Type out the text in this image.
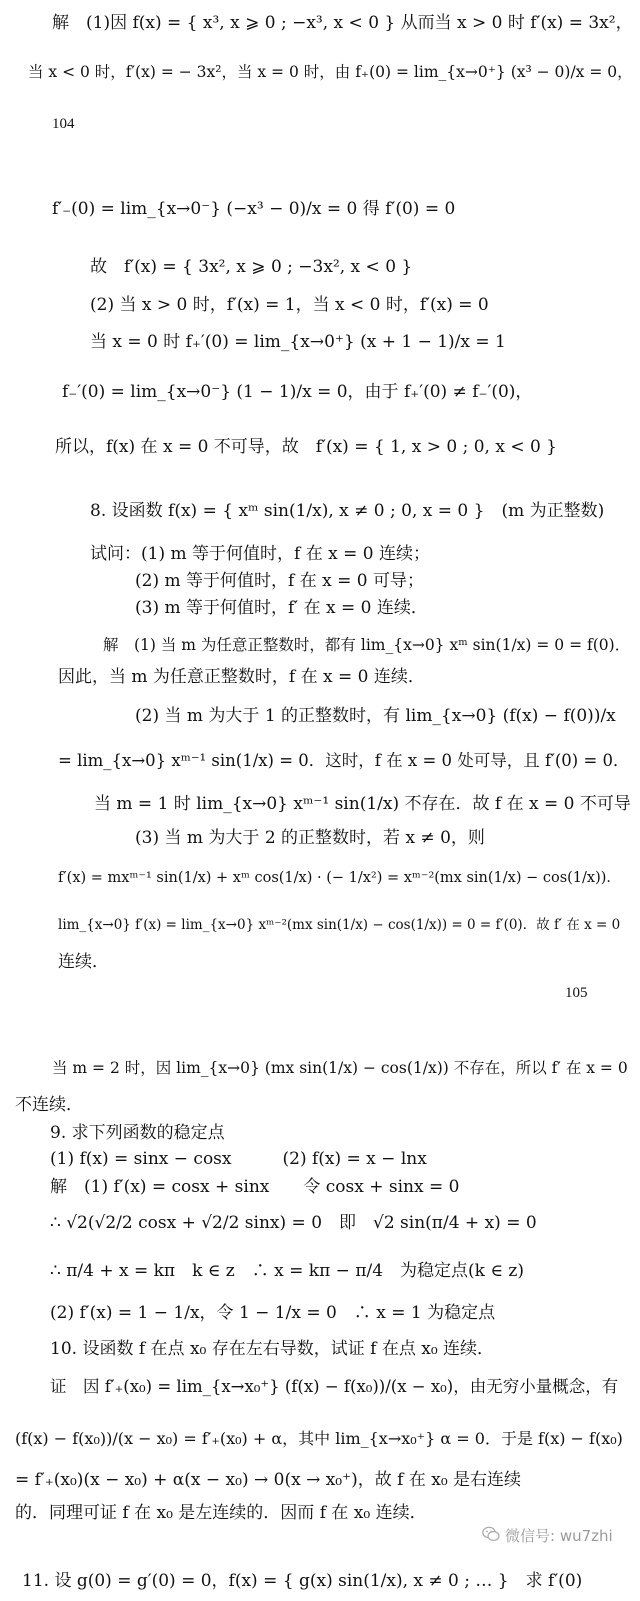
解　(1)因 f(x) = { x³, x ⩾ 0 ; −x³, x < 0 } 从而当 x > 0 时 f′(x) = 3x²，
当 x < 0 时，f′(x) = − 3x²，当 x = 0 时，由 f₊(0) = lim_{x→0⁺} (x³ − 0)/x = 0，
104
f′₋(0) = lim_{x→0⁻} (−x³ − 0)/x = 0 得 f′(0) = 0
故　f′(x) = { 3x², x ⩾ 0 ; −3x², x < 0 }
(2) 当 x > 0 时，f′(x) = 1，当 x < 0 时，f′(x) = 0
当 x = 0 时 f₊′(0) = lim_{x→0⁺} (x + 1 − 1)/x = 1
f₋′(0) = lim_{x→0⁻} (1 − 1)/x = 0，由于 f₊′(0) ≠ f₋′(0)，
所以，f(x) 在 x = 0 不可导，故　f′(x) = { 1, x > 0 ; 0, x < 0 }
8. 设函数 f(x) = { xᵐ sin(1/x), x ≠ 0 ; 0, x = 0 }　(m 为正整数)
试问：(1) m 等于何值时，f 在 x = 0 连续；
(2) m 等于何值时，f 在 x = 0 可导；
(3) m 等于何值时，f′ 在 x = 0 连续．
解　(1) 当 m 为任意正整数时，都有 lim_{x→0} xᵐ sin(1/x) = 0 = f(0)．
因此，当 m 为任意正整数时，f 在 x = 0 连续．
(2) 当 m 为大于 1 的正整数时，有 lim_{x→0} (f(x) − f(0))/x
= lim_{x→0} xᵐ⁻¹ sin(1/x) = 0．这时，f 在 x = 0 处可导，且 f′(0) = 0．
当 m = 1 时 lim_{x→0} xᵐ⁻¹ sin(1/x) 不存在．故 f 在 x = 0 不可导
(3) 当 m 为大于 2 的正整数时，若 x ≠ 0，则
f′(x) = mxᵐ⁻¹ sin(1/x) + xᵐ cos(1/x) · (− 1/x²) = xᵐ⁻²(mx sin(1/x) − cos(1/x))．
lim_{x→0} f′(x) = lim_{x→0} xᵐ⁻²(mx sin(1/x) − cos(1/x)) = 0 = f′(0)．故 f′ 在 x = 0
连续．
105
当 m = 2 时，因 lim_{x→0} (mx sin(1/x) − cos(1/x)) 不存在，所以 f′ 在 x = 0
不连续．
9. 求下列函数的稳定点
(1) f(x) = sinx − cosx　　　(2) f(x) = x − lnx
解　(1) f′(x) = cosx + sinx　　令 cosx + sinx = 0
∴ √2(√2/2 cosx + √2/2 sinx) = 0　即　√2 sin(π/4 + x) = 0
∴ π/4 + x = kπ　k ∈ z　∴ x = kπ − π/4　为稳定点(k ∈ z)
(2) f′(x) = 1 − 1/x，令 1 − 1/x = 0　∴ x = 1 为稳定点
10. 设函数 f 在点 x₀ 存在左右导数，试证 f 在点 x₀ 连续．
证　因 f′₊(x₀) = lim_{x→x₀⁺} (f(x) − f(x₀))/(x − x₀)，由无穷小量概念，有
(f(x) − f(x₀))/(x − x₀) = f′₊(x₀) + α，其中 lim_{x→x₀⁺} α = 0．于是 f(x) − f(x₀)
= f′₊(x₀)(x − x₀) + α(x − x₀) → 0(x → x₀⁺)，故 f 在 x₀ 是右连续
的．同理可证 f 在 x₀ 是左连续的．因而 f 在 x₀ 连续．
11. 设 g(0) = g′(0) = 0，f(x) = { g(x) sin(1/x), x ≠ 0 ; … }　求 f′(0)
微信号: wu7zhi
